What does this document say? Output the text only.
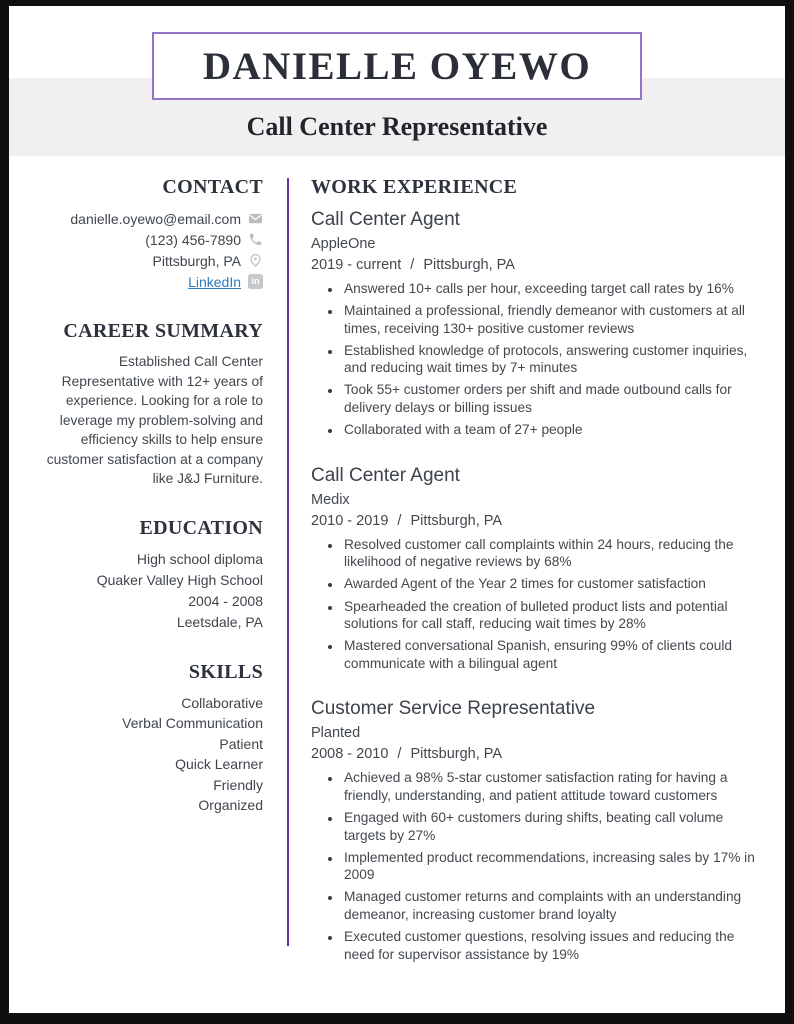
DANIELLE OYEWO
Call Center Representative
CONTACT
danielle.oyewo@email.com
(123) 456-7890
Pittsburgh, PA
LinkedIn	in
CAREER SUMMARY

Established Call Center Representative with 12+ years of experience. Looking for a role to leverage my problem-solving and efficiency skills to help ensure customer satisfaction at a company like J&J Furniture.

EDUCATION
High school diploma
Quaker Valley High School
2004 - 2008
Leetsdale, PA
SKILLS
Collaborative
Verbal Communication
Patient
Quick Learner
Friendly
Organized
WORK EXPERIENCE
Call Center Agent
AppleOne
2019 - current / Pittsburgh, PA
• Answered 10+ calls per hour, exceeding target call rates by 16%
• Maintained a professional, friendly demeanor with customers at all times, receiving 130+ positive customer reviews
• Established knowledge of protocols, answering customer inquiries, and reducing wait times by 7+ minutes
• Took 55+ customer orders per shift and made outbound calls for delivery delays or billing issues
• Collaborated with a team of 27+ people
Call Center Agent
Medix
2010 - 2019 / Pittsburgh, PA
• Resolved customer call complaints within 24 hours, reducing the likelihood of negative reviews by 68%
• Awarded Agent of the Year 2 times for customer satisfaction
• Spearheaded the creation of bulleted product lists and potential solutions for call staff, reducing wait times by 28%
• Mastered conversational Spanish, ensuring 99% of clients could communicate with a bilingual agent
Customer Service Representative
Planted
2008 - 2010 / Pittsburgh, PA
• Achieved a 98% 5-star customer satisfaction rating for having a friendly, understanding, and patient attitude toward customers
• Engaged with 60+ customers during shifts, beating call volume targets by 27%
• Implemented product recommendations, increasing sales by 17% in 2009
• Managed customer returns and complaints with an understanding demeanor, increasing customer brand loyalty
• Executed customer questions, resolving issues and reducing the need for supervisor assistance by 19%
